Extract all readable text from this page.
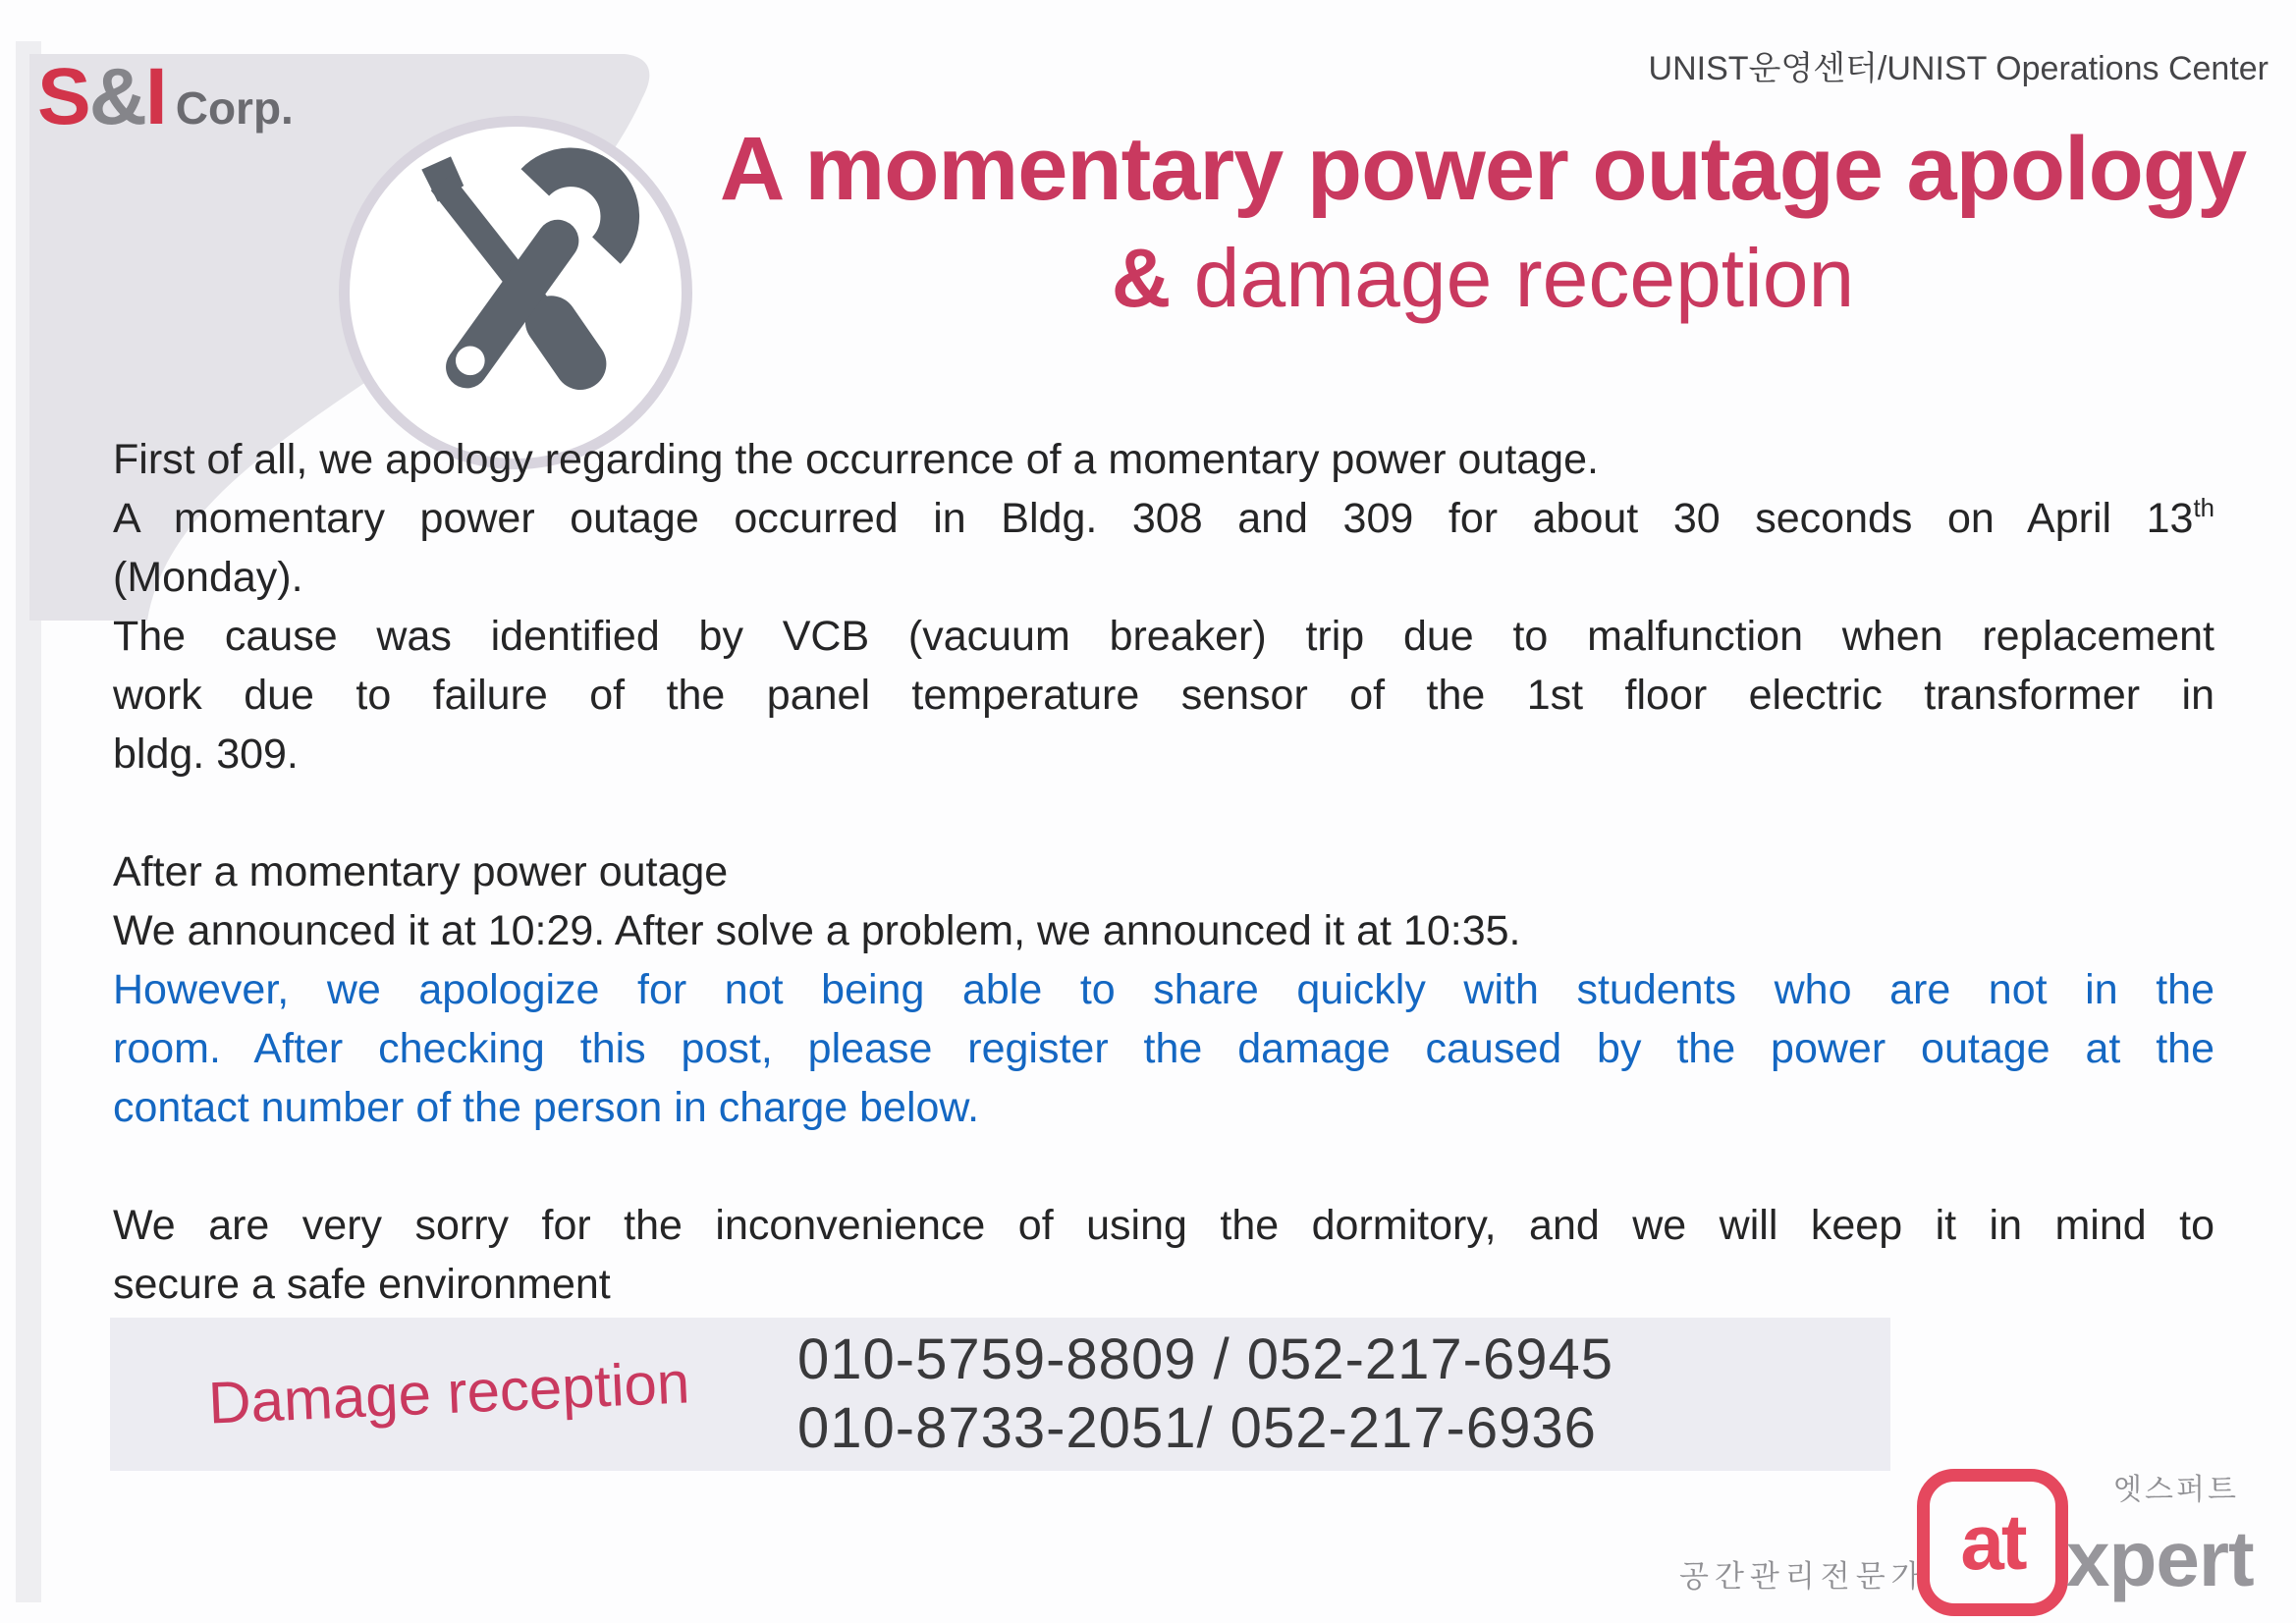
S&I Corp.
UNIST운영센터/UNIST Operations Center
A momentary power outage apology
& damage reception
First of all, we apology regarding the occurrence of a momentary power outage.
A momentary power outage occurred in Bldg. 308 and 309 for about 30 seconds on April 13th
(Monday).
The cause was identified by VCB (vacuum breaker) trip due to malfunction when replacement
work due to failure of the panel temperature sensor of the 1st floor electric transformer in
bldg. 309.
After a momentary power outage
We announced it at 10:29. After solve a problem, we announced it at 10:35.
However, we apologize for not being able to share quickly with students who are not in the
room. After checking this post, please register the damage caused by the power outage at the
contact number of the person in charge below.
We are very sorry for the inconvenience of using the dormitory, and we will keep it in mind to
secure a safe environment
Damage reception 010-5759-8809 / 052-217-6945
010-8733-2051/ 052-217-6936
공간관리전문가 at xpert
엣스퍼트
